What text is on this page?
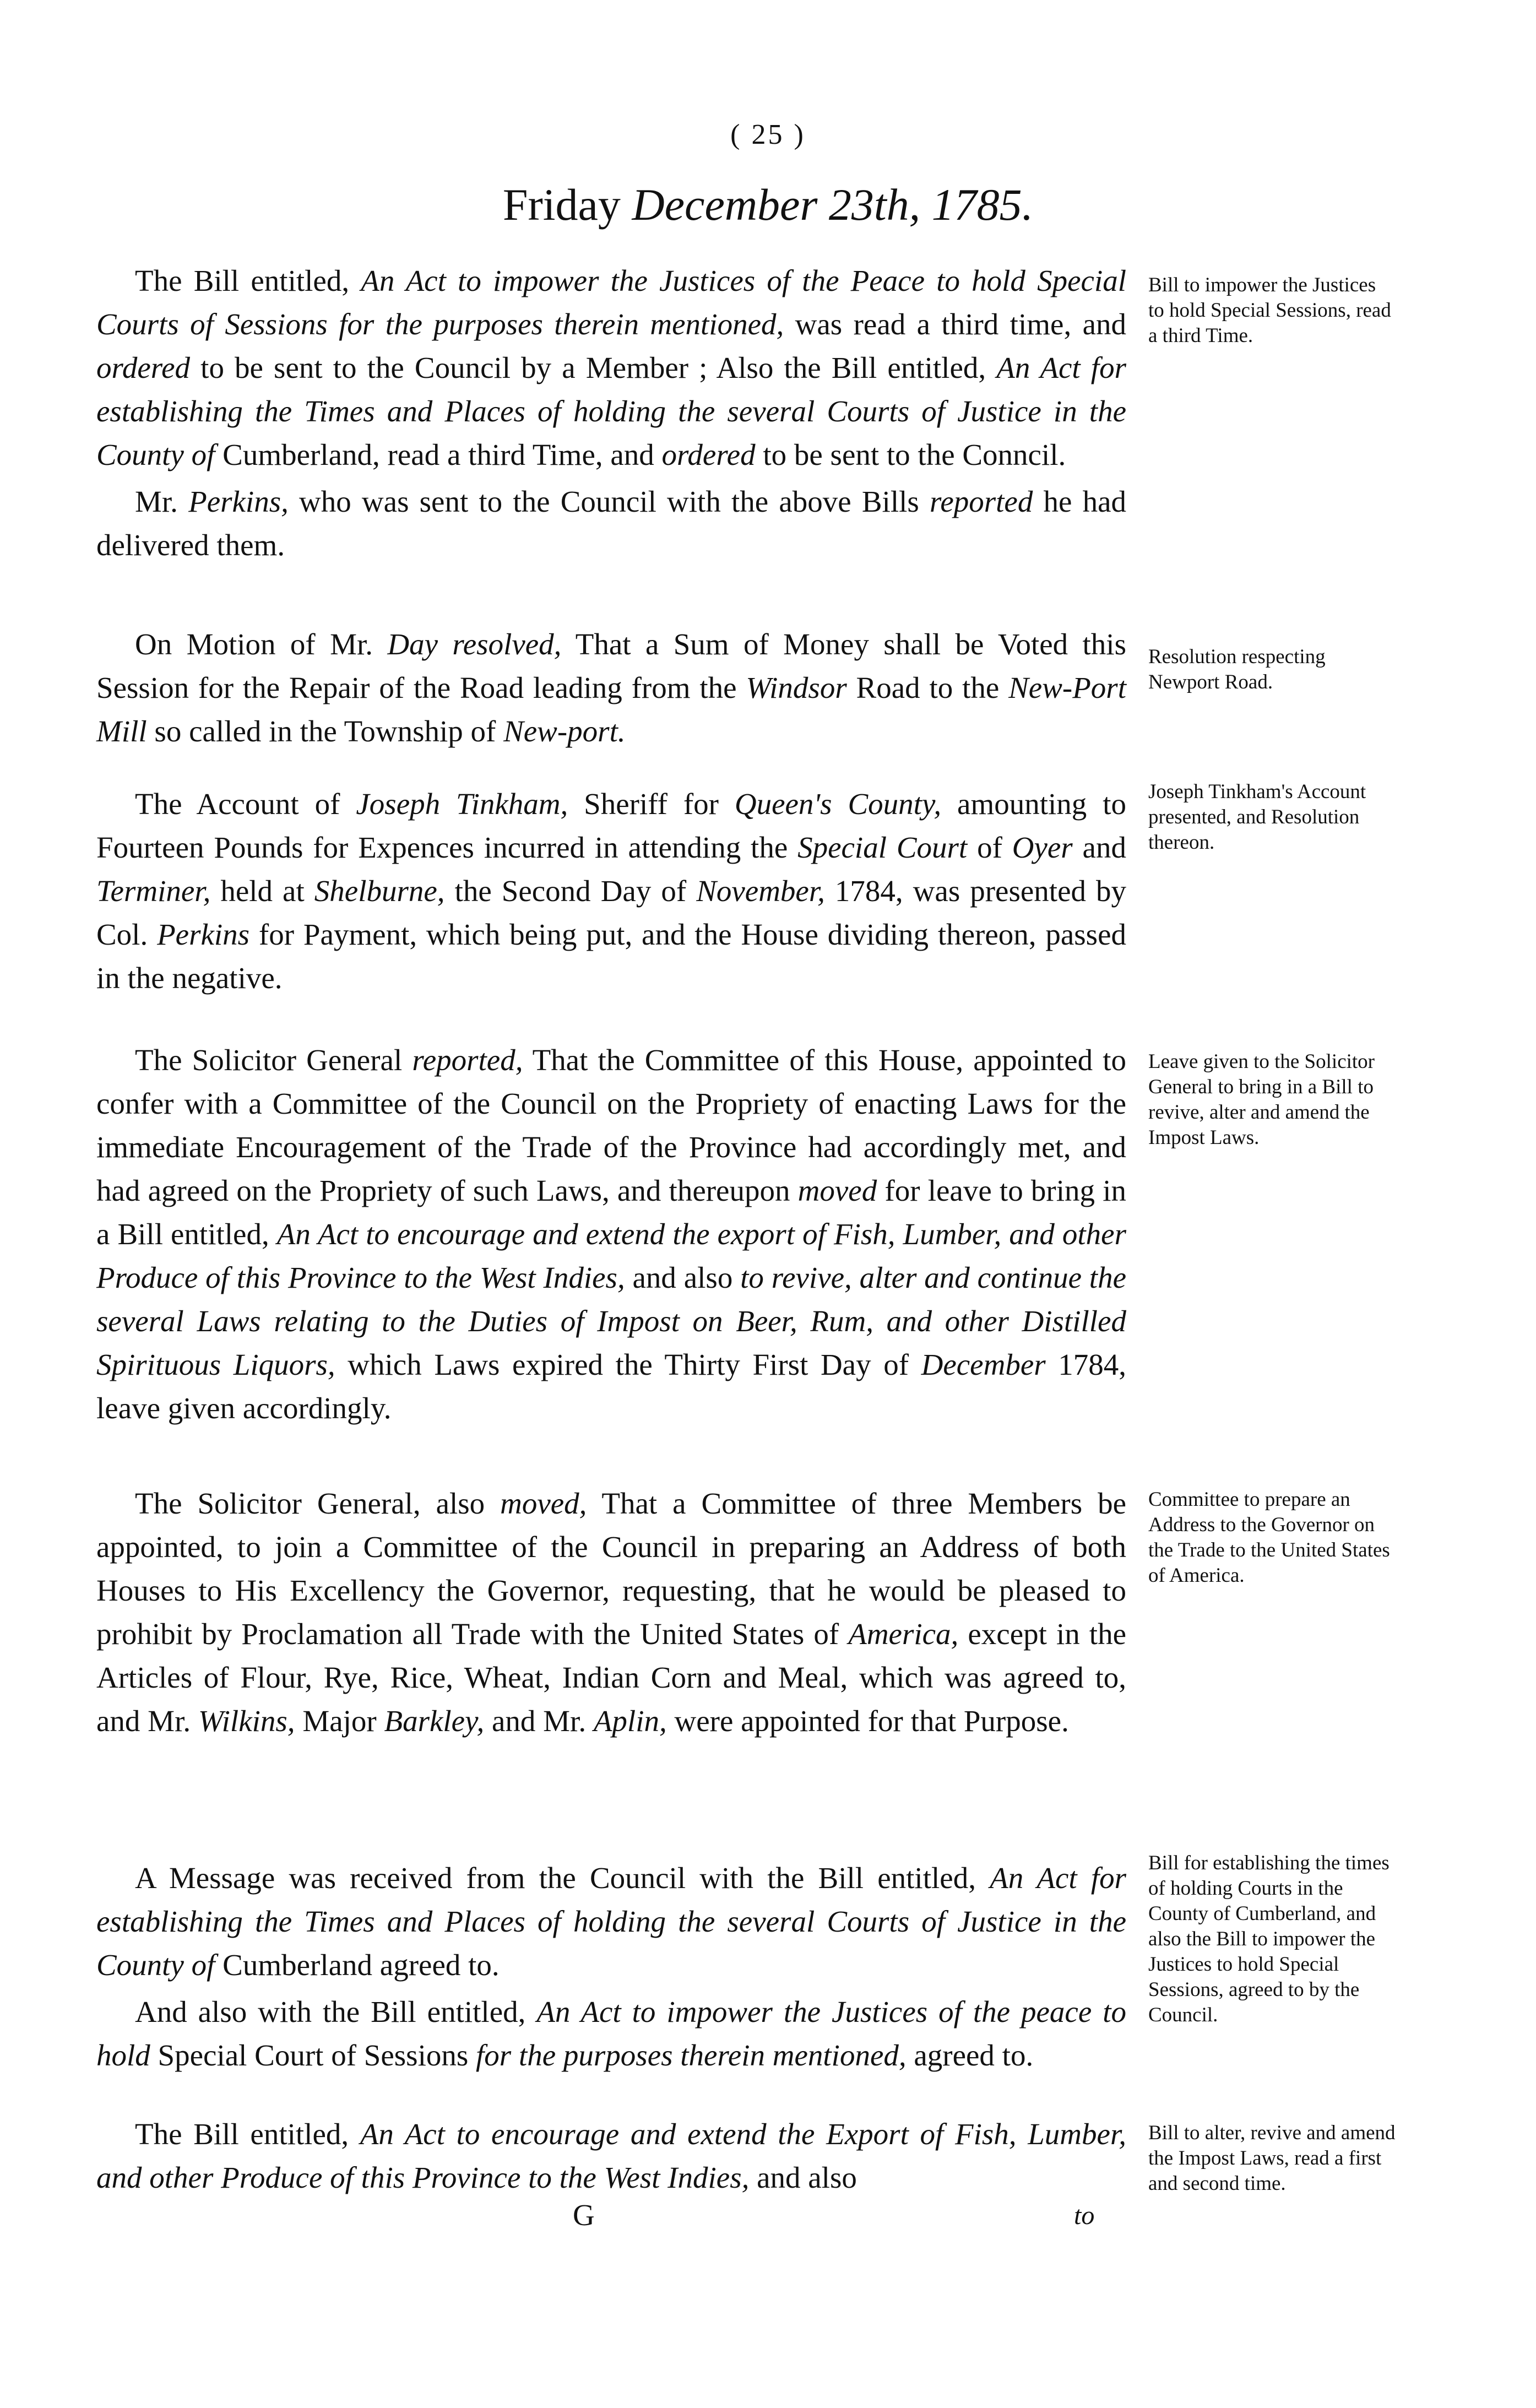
( 25 )
Friday December 23th, 1785.

The Bill entitled, An Act to impower the Justices of the Peace to hold Special Courts of Sessions for the purposes therein mentioned, was read a third time, and ordered to be sent to the Council by a Member ; Also the Bill entitled, An Act for establishing the Times and Places of holding the several Courts of Justice in the County of Cumberland, read a third Time, and ordered to be sent to the Conncil.

Mr. Perkins, who was sent to the Council with the above Bills reported he had delivered them.

On Motion of Mr. Day resolved, That a Sum of Money shall be Voted this Session for the Repair of the Road leading from the Windsor Road to the New-Port Mill so called in the Township of New-port.

The Account of Joseph Tinkham, Sheriff for Queen's County, amounting to Fourteen Pounds for Expences incurred in attending the Special Court of Oyer and Terminer, held at Shelburne, the Second Day of November, 1784, was presented by Col. Perkins for Payment, which being put, and the House dividing thereon, passed in the negative.

The Solicitor General reported, That the Committee of this House, appointed to confer with a Committee of the Council on the Propriety of enacting Laws for the immediate Encouragement of the Trade of the Province had accordingly met, and had agreed on the Propriety of such Laws, and thereupon moved for leave to bring in a Bill entitled, An Act to encourage and extend the export of Fish, Lumber, and other Produce of this Province to the West Indies, and also to revive, alter and continue the several Laws relating to the Duties of Impost on Beer, Rum, and other Distilled Spirituous Liquors, which Laws expired the Thirty First Day of December 1784, leave given accordingly.

The Solicitor General, also moved, That a Committee of three Members be appointed, to join a Committee of the Council in preparing an Address of both Houses to His Excellency the Governor, requesting, that he would be pleased to prohibit by Proclamation all Trade with the United States of America, except in the Articles of Flour, Rye, Rice, Wheat, Indian Corn and Meal, which was agreed to, and Mr. Wilkins, Major Barkley, and Mr. Aplin, were appointed for that Purpose.

A Message was received from the Council with the Bill entitled, An Act for establishing the Times and Places of holding the several Courts of Justice in the County of Cumberland agreed to.

And also with the Bill entitled, An Act to impower the Justices of the peace to hold Special Court of Sessions for the purposes therein mentioned, agreed to.

The Bill entitled, An Act to encourage and extend the Export of Fish, Lumber, and other Produce of this Province to the West Indies, and also

Bill to impower the Justices to hold Special Sessions, read a third Time.
Resolution respecting Newport Road.
Joseph Tinkham's Account presented, and Resolution thereon.
Leave given to the Solicitor General to bring in a Bill to revive, alter and amend the Impost Laws.
Committee to prepare an Address to the Governor on the Trade to the United States of America.
Bill for establishing the times of holding Courts in the County of Cumberland, and also the Bill to impower the Justices to hold Special Sessions, agreed to by the Council.
Bill to alter, revive and amend the Impost Laws, read a first and second time.
G	to
